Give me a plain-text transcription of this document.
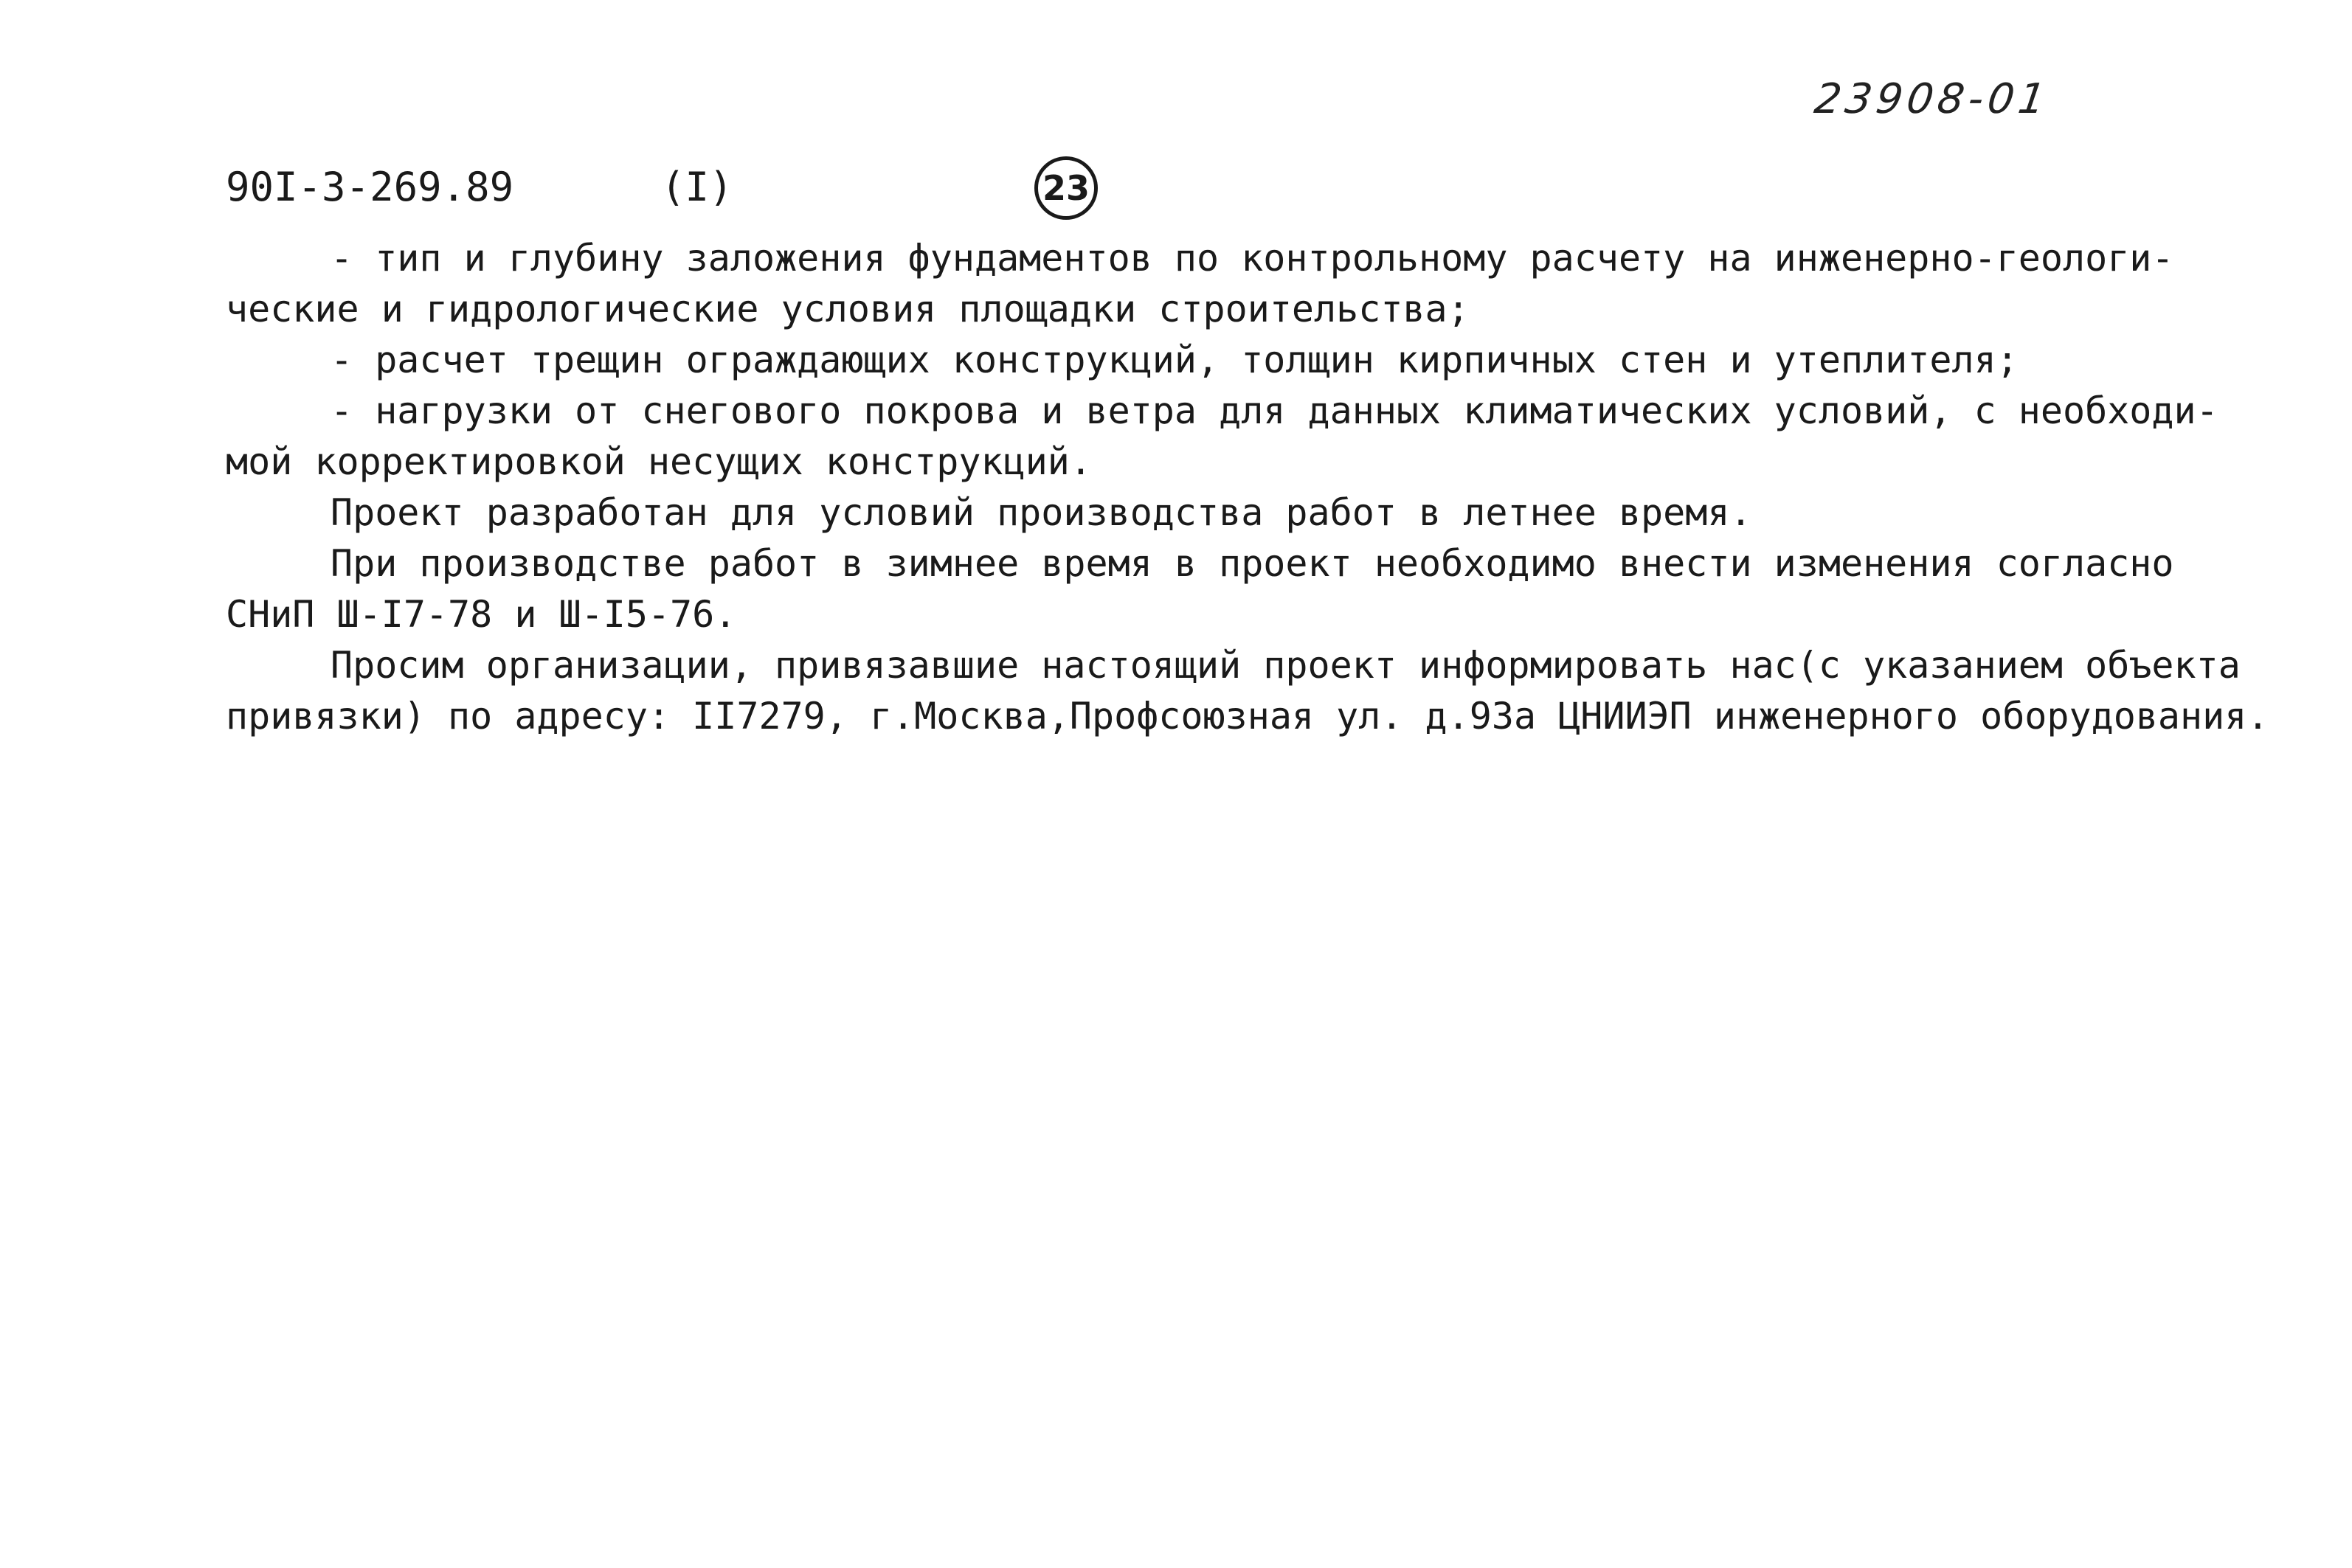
23908-01
90I-3-269.89	(I)	23
- тип и глубину заложения фундаментов по контрольному расчету на инженерно-геологи-
ческие и гидрологические условия площадки строительства;
- расчет трещин ограждающих конструкций, толщин кирпичных стен и утеплителя;
- нагрузки от снегового покрова и ветра для данных климатических условий, с необходи-
мой корректировкой несущих конструкций.
Проект разработан для условий производства работ в летнее время.
При производстве работ в зимнее время в проект необходимо внести изменения согласно
СНиП Ш-I7-78 и Ш-I5-76.
Просим организации, привязавшие настоящий проект информировать нас(с указанием объекта
привязки) по адресу: II7279, г.Москва,Профсоюзная ул. д.93а ЦНИИЭП инженерного оборудования.
